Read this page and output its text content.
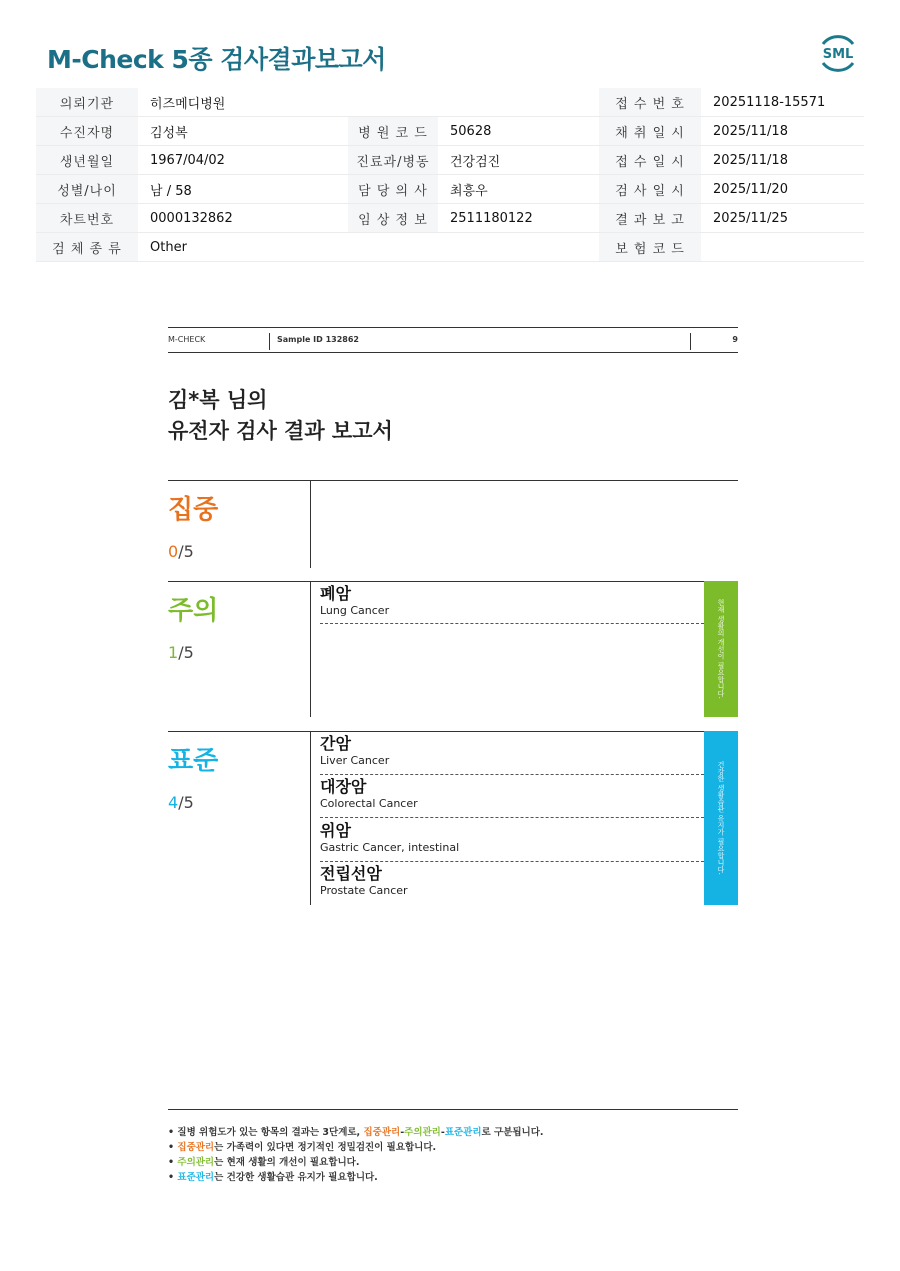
M-Check 5종 검사결과보고서	SML
의뢰기관	히즈메디병원			접 수 번 호	20251118-15571
수진자명	김성복	병 원 코 드	50628	채 취 일 시	2025/11/18
생년월일	1967/04/02	진료과/병동	건강검진	접 수 일 시	2025/11/18
성별/나이	남 / 58	담 당 의 사	최흥우	검 사 일 시	2025/11/20
차트번호	0000132862	임 상 정 보	2511180122	결 과 보 고	2025/11/25
검 체 종 류	Other			보 험 코 드	
M-CHECK	Sample ID 132862	9
김*복 님의
유전자 검사 결과 보고서
집중
0/5
주의
1/5
폐암
Lung Cancer	현재 생활의 개선이 필요합니다.
표준
4/5
간암
Liver Cancer
대장암
Colorectal Cancer
위암
Gastric Cancer, intestinal
전립선암
Prostate Cancer
건강한 생활습관 유지가 필요합니다.
• 질병 위험도가 있는 항목의 결과는 3단계로, 집중관리-주의관리-표준관리로 구분됩니다.
• 집중관리는 가족력이 있다면 정기적인 정밀검진이 필요합니다.
• 주의관리는 현재 생활의 개선이 필요합니다.
• 표준관리는 건강한 생활습관 유지가 필요합니다.
